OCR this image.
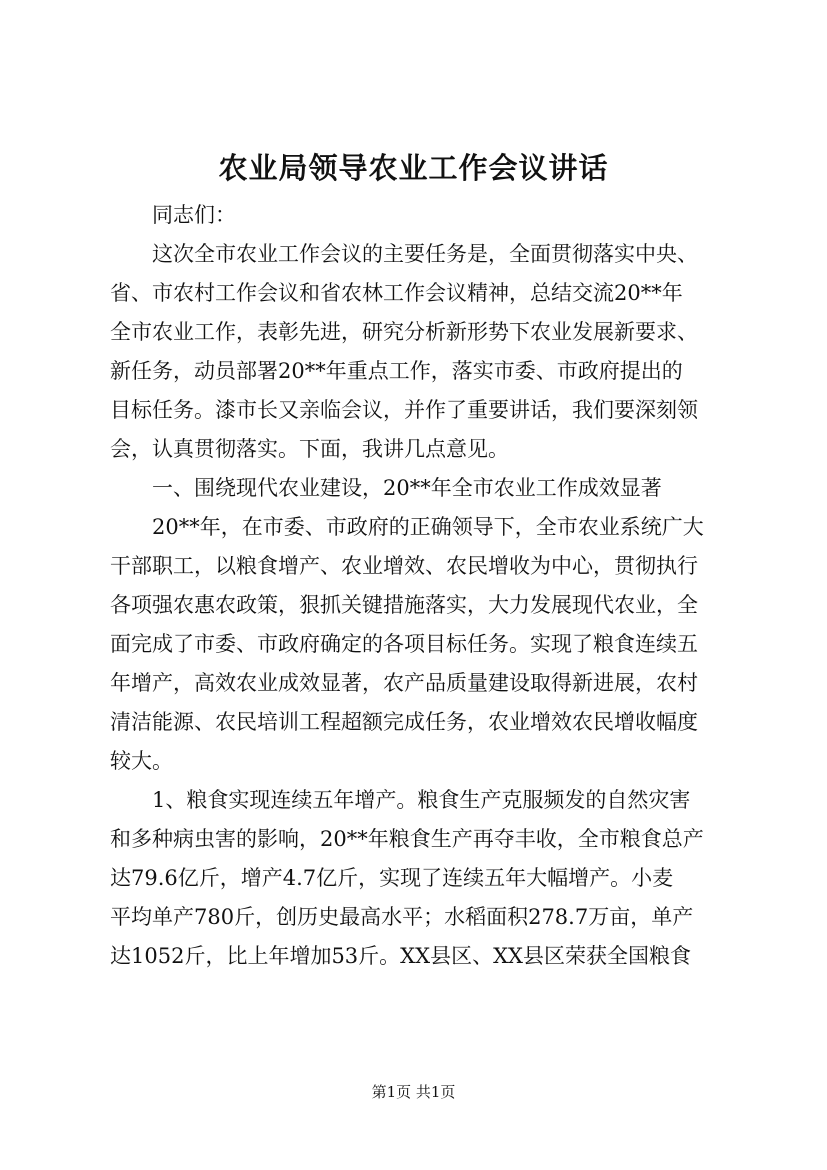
农业局领导农业工作会议讲话
　　同志们：
　　这次全市农业工作会议的主要任务是，全面贯彻落实中央、
省、市农村工作会议和省农林工作会议精神，总结交流20**年
全市农业工作，表彰先进，研究分析新形势下农业发展新要求、
新任务，动员部署20**年重点工作，落实市委、市政府提出的
目标任务。漆市长又亲临会议，并作了重要讲话，我们要深刻领
会，认真贯彻落实。下面，我讲几点意见。
　　一、围绕现代农业建设，20**年全市农业工作成效显著
　　20**年，在市委、市政府的正确领导下，全市农业系统广大
干部职工，以粮食增产、农业增效、农民增收为中心，贯彻执行
各项强农惠农政策，狠抓关键措施落实，大力发展现代农业，全
面完成了市委、市政府确定的各项目标任务。实现了粮食连续五
年增产，高效农业成效显著，农产品质量建设取得新进展，农村
清洁能源、农民培训工程超额完成任务，农业增效农民增收幅度
较大。
　　1、粮食实现连续五年增产。粮食生产克服频发的自然灾害
和多种病虫害的影响，20**年粮食生产再夺丰收，全市粮食总产
达79.6亿斤，增产4.7亿斤，实现了连续五年大幅增产。小麦
平均单产780斤，创历史最高水平；水稻面积278.7万亩，单产
达1052斤，比上年增加53斤。XX县区、XX县区荣获全国粮食
第1页 共1页
